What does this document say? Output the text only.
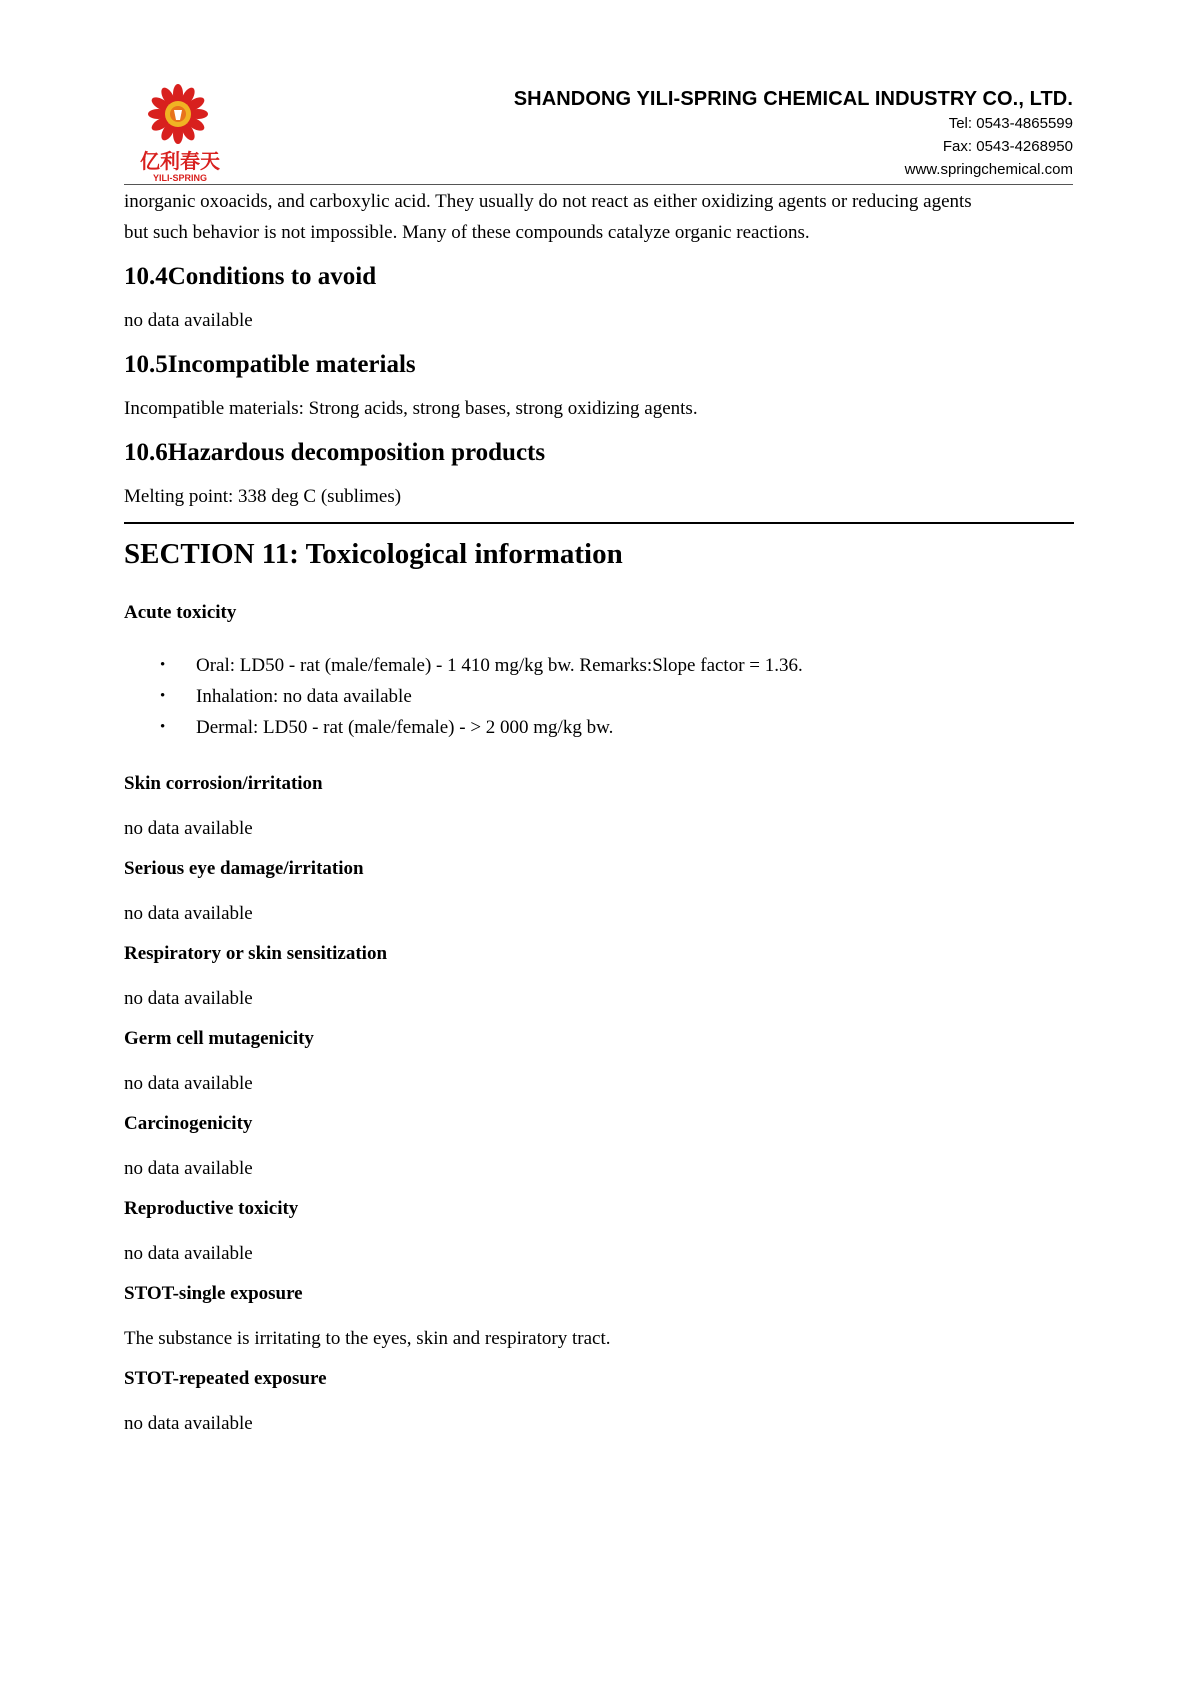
亿利春天
YILI-SPRING
SHANDONG YILI-SPRING CHEMICAL INDUSTRY CO., LTD.
Tel: 0543-4865599
Fax: 0543-4268950
www.springchemical.com

inorganic oxoacids, and carboxylic acid. They usually do not react as either oxidizing agents or reducing agents

but such behavior is not impossible. Many of these compounds catalyze organic reactions.

10.4Conditions to avoid

no data available

10.5Incompatible materials

Incompatible materials: Strong acids, strong bases, strong oxidizing agents.

10.6Hazardous decomposition products

Melting point: 338 deg C (sublimes)

SECTION 11: Toxicological information

Acute toxicity

• Oral: LD50 - rat (male/female) - 1 410 mg/kg bw. Remarks:Slope factor = 1.36.
• Inhalation: no data available
• Dermal: LD50 - rat (male/female) - > 2 000 mg/kg bw.

Skin corrosion/irritation

no data available

Serious eye damage/irritation

no data available

Respiratory or skin sensitization

no data available

Germ cell mutagenicity

no data available

Carcinogenicity

no data available

Reproductive toxicity

no data available

STOT-single exposure

The substance is irritating to the eyes, skin and respiratory tract.

STOT-repeated exposure

no data available
